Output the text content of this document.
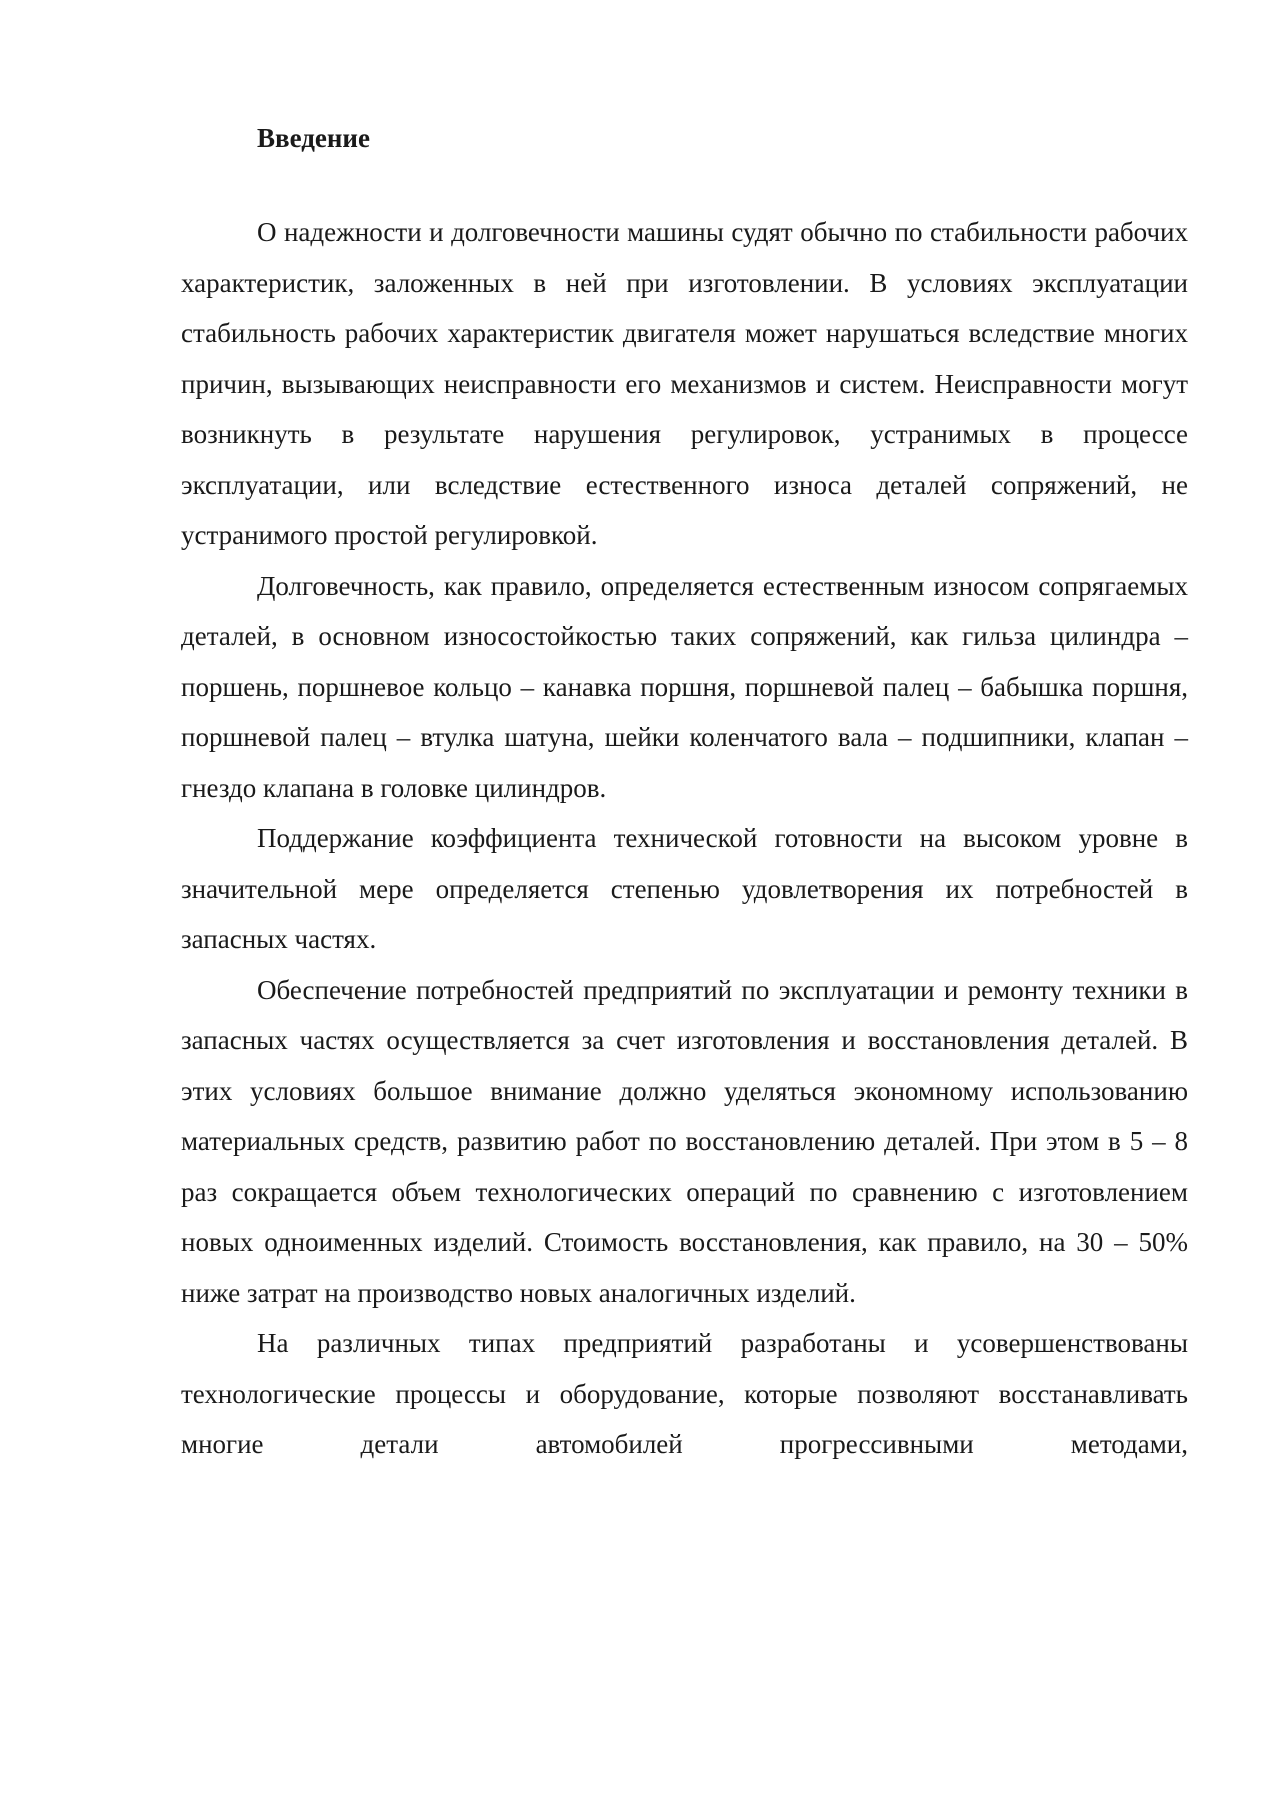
Введение

О надежности и долговечности машины судят обычно по стабильности рабочих характеристик, заложенных в ней при изготовлении. В условиях эксплуатации стабильность рабочих характеристик двигателя может нарушаться вследствие многих причин, вызывающих неисправности его механизмов и систем. Неисправности могут возникнуть в результате нарушения регулировок, устранимых в процессе эксплуатации, или вследствие естественного износа деталей сопряжений, не устранимого простой регулировкой.

Долговечность, как правило, определяется естественным износом сопрягаемых деталей, в основном износостойкостью таких сопряжений, как гильза цилиндра – поршень, поршневое кольцо – канавка поршня, поршневой палец – бабышка поршня, поршневой палец – втулка шатуна, шейки коленчатого вала – подшипники, клапан – гнездо клапана в головке цилиндров.

Поддержание коэффициента технической готовности на высоком уровне в значительной мере определяется степенью удовлетворения их потребностей в запасных частях.

Обеспечение потребностей предприятий по эксплуатации и ремонту техники в запасных частях осуществляется за счет изготовления и восстановления деталей. В этих условиях большое внимание должно уделяться экономному использованию материальных средств, развитию работ по восстановлению деталей. При этом в 5 – 8 раз сокращается объем технологических операций по сравнению с изготовлением новых одноименных изделий. Стоимость восстановления, как правило, на 30 – 50% ниже затрат на производство новых аналогичных изделий.

На различных типах предприятий разработаны и усовершенствованы технологические процессы и оборудование, которые позволяют восстанавливать многие детали автомобилей прогрессивными методами,
